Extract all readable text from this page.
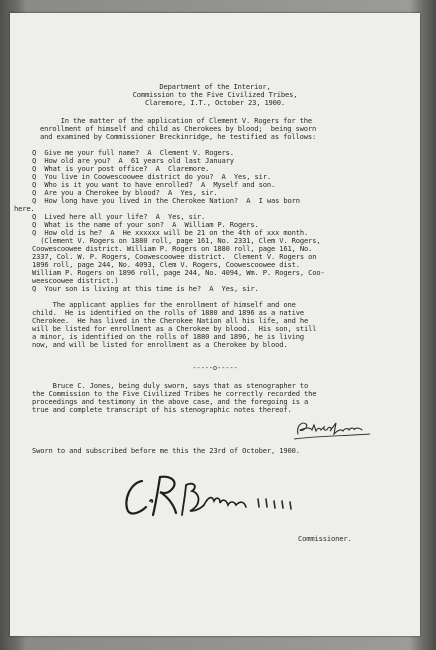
Department of the Interior,
Commission to the Five Civilized Tribes,
Claremore, I.T., October 23, 1900.
In the matter of the application of Clement V. Rogers for the
enrollment of himself and child as Cherokees by blood;  being sworn
and examined by Commissioner Breckinridge, he testified as follows:
Q  Give me your full name?  A  Clement V. Rogers.
Q  How old are you?  A  61 years old last January
Q  What is your post office?  A  Claremore.
Q  You live in Coowescoowee district do you?  A  Yes, sir.
Q  Who is it you want to have enrolled?  A  Myself and son.
Q  Are you a Cherokee by blood?  A  Yes, sir.
Q  How long have you lived in the Cherokee Nation?  A  I was born
here.
Q  Lived here all your life?  A  Yes, sir.
Q  What is the name of your son?  A  William P. Rogers.
Q  How old is he?  A  He xxxxxx will be 21 on the 4th of xxx month.
(Clement V. Rogers on 1880 roll, page 161, No. 2331, Clem V. Rogers,
Coowescoowee district. William P. Rogers on 1880 roll, page 161, No.
2337, Col. W. P. Rogers, Coowescoowee district.  Clement V. Rogers on
1896 roll, page 244, No. 4093, Clem V. Rogers, Coowescoowee dist.
William P. Rogers on 1896 roll, page 244, No. 4094, Wm. P. Rogers, Coo-
weescoowee district.)
Q  Your son is living at this time is he?  A  Yes, sir.
The applicant applies for the enrollment of himself and one
child.  He is identified on the rolls of 1880 and 1896 as a native
Cherokee.  He has lived in the Cherokee Nation all his life, and he
will be listed for enrollment as a Cherokee by blood.  His son, still
a minor, is identified on the rolls of 1880 and 1896, he is living
now, and will be listed for enrollment as a Cherokee by blood.
-----o-----
Bruce C. Jones, being duly sworn, says that as stenographer to
the Commission to the Five Civilized Tribes he correctly recorded the
proceedings and testimony in the above case, and the foregoing is a
true and complete transcript of his stenographic notes thereof.
Sworn to and subscribed before me this the 23rd of October, 1900.
Commissioner.
